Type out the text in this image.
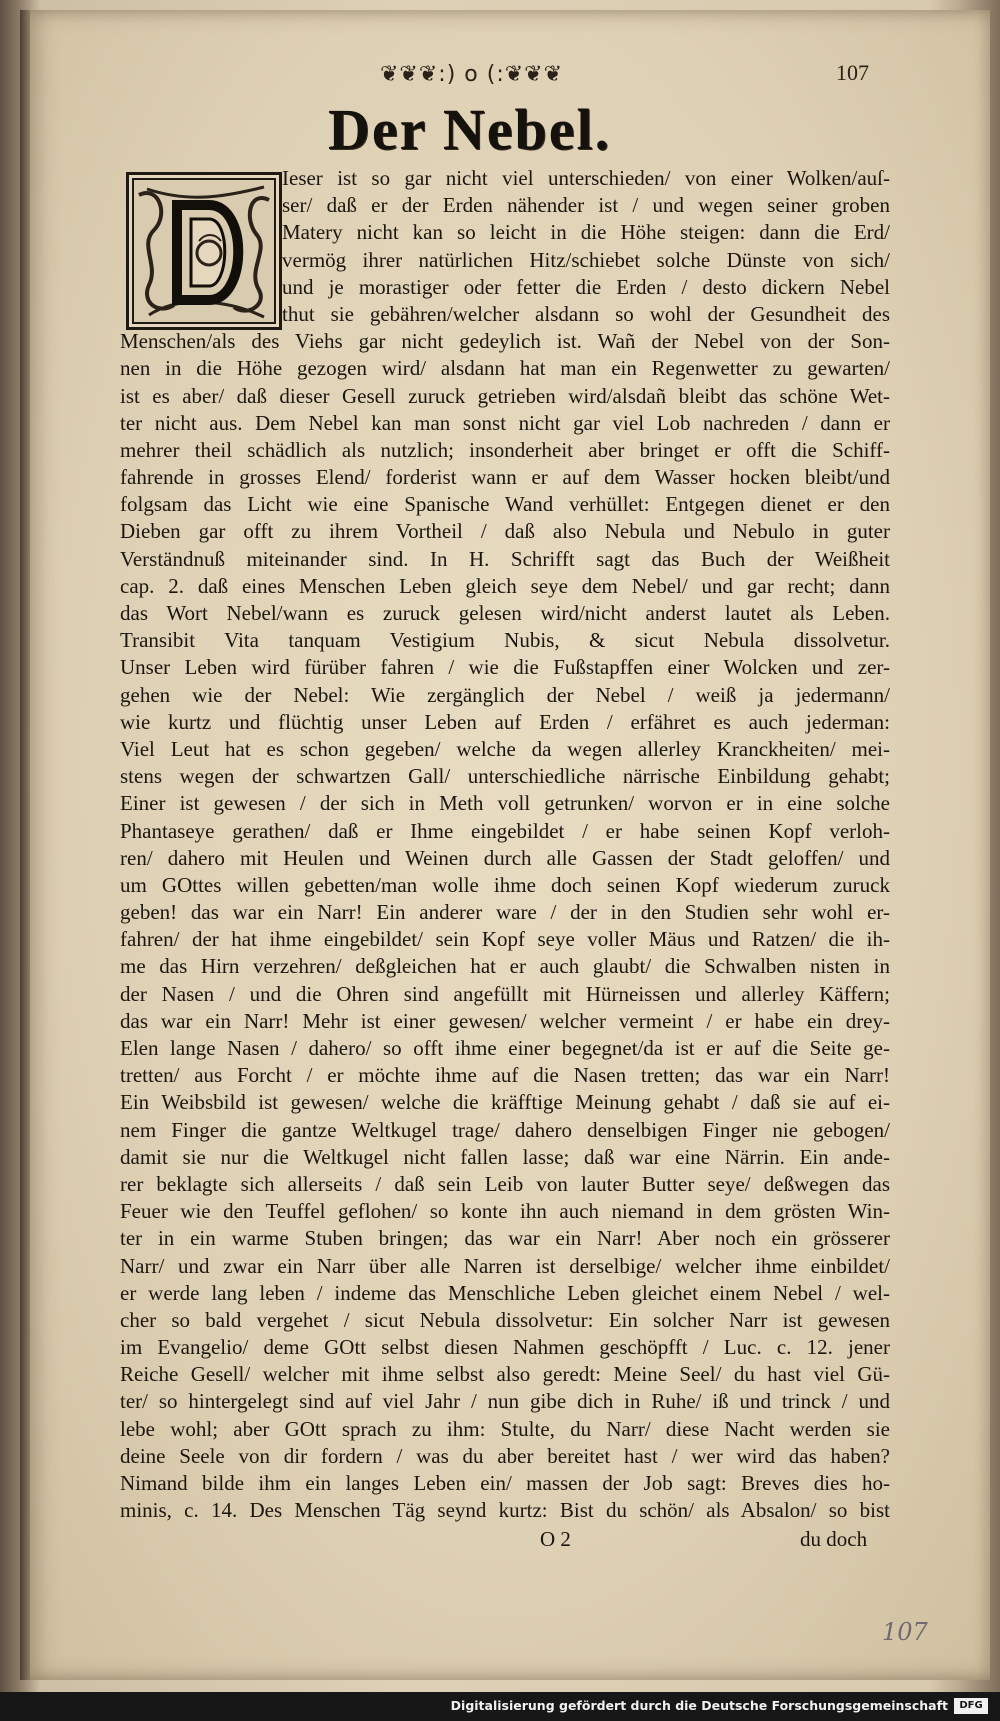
❦❦❦:) o (:❦❦❦	107
Der Nebel.
Ieser ist so gar nicht viel unterschieden/ von einer Wolken/auſ-
ser/ daß er der Erden nähender ist / und wegen seiner groben
Matery nicht kan so leicht in die Höhe steigen: dann die Erd/
vermög ihrer natürlichen Hitz/schiebet solche Dünste von sich/
und je morastiger oder fetter die Erden / desto dickern Nebel
thut sie gebähren/welcher alsdann so wohl der Gesundheit des
Menschen/als des Viehs gar nicht gedeylich ist. Wañ der Nebel von der Son-
nen in die Höhe gezogen wird/ alsdann hat man ein Regenwetter zu gewarten/
ist es aber/ daß dieser Gesell zuruck getrieben wird/alsdañ bleibt das schöne Wet-
ter nicht aus. Dem Nebel kan man sonst nicht gar viel Lob nachreden / dann er
mehrer theil schädlich als nutzlich; insonderheit aber bringet er offt die Schiff-
fahrende in grosses Elend/ forderist wann er auf dem Wasser hocken bleibt/und
folgsam das Licht wie eine Spanische Wand verhüllet: Entgegen dienet er den
Dieben gar offt zu ihrem Vortheil / daß also Nebula und Nebulo in guter
Verständnuß miteinander sind. In H. Schrifft sagt das Buch der Weißheit
cap. 2. daß eines Menschen Leben gleich seye dem Nebel/ und gar recht; dann
das Wort Nebel/wann es zuruck gelesen wird/nicht anderst lautet als Leben.
Transibit Vita tanquam Vestigium Nubis, & sicut Nebula dissolvetur.
Unser Leben wird fürüber fahren / wie die Fußstapffen einer Wolcken und zer-
gehen wie der Nebel: Wie zergänglich der Nebel / weiß ja jedermann/
wie kurtz und flüchtig unser Leben auf Erden / erfähret es auch jederman:
Viel Leut hat es schon gegeben/ welche da wegen allerley Kranckheiten/ mei-
stens wegen der schwartzen Gall/ unterschiedliche närrische Einbildung gehabt;
Einer ist gewesen / der sich in Meth voll getrunken/ worvon er in eine solche
Phantaseye gerathen/ daß er Ihme eingebildet / er habe seinen Kopf verloh-
ren/ dahero mit Heulen und Weinen durch alle Gassen der Stadt geloffen/ und
um GOttes willen gebetten/man wolle ihme doch seinen Kopf wiederum zuruck
geben! das war ein Narr! Ein anderer ware / der in den Studien sehr wohl er-
fahren/ der hat ihme eingebildet/ sein Kopf seye voller Mäus und Ratzen/ die ih-
me das Hirn verzehren/ deßgleichen hat er auch glaubt/ die Schwalben nisten in
der Nasen / und die Ohren sind angefüllt mit Hürneissen und allerley Käffern;
das war ein Narr! Mehr ist einer gewesen/ welcher vermeint / er habe ein drey-
Elen lange Nasen / dahero/ so offt ihme einer begegnet/da ist er auf die Seite ge-
tretten/ aus Forcht / er möchte ihme auf die Nasen tretten; das war ein Narr!
Ein Weibsbild ist gewesen/ welche die kräfftige Meinung gehabt / daß sie auf ei-
nem Finger die gantze Weltkugel trage/ dahero denselbigen Finger nie gebogen/
damit sie nur die Weltkugel nicht fallen lasse; daß war eine Närrin. Ein ande-
rer beklagte sich allerseits / daß sein Leib von lauter Butter seye/ deßwegen das
Feuer wie den Teuffel geflohen/ so konte ihn auch niemand in dem grösten Win-
ter in ein warme Stuben bringen; das war ein Narr! Aber noch ein grösserer
Narr/ und zwar ein Narr über alle Narren ist derselbige/ welcher ihme einbildet/
er werde lang leben / indeme das Menschliche Leben gleichet einem Nebel / wel-
cher so bald vergehet / sicut Nebula dissolvetur: Ein solcher Narr ist gewesen
im Evangelio/ deme GOtt selbst diesen Nahmen geschöpfft / Luc. c. 12. jener
Reiche Gesell/ welcher mit ihme selbst also geredt: Meine Seel/ du hast viel Gü-
ter/ so hintergelegt sind auf viel Jahr / nun gibe dich in Ruhe/ iß und trinck / und
lebe wohl; aber GOtt sprach zu ihm: Stulte, du Narr/ diese Nacht werden sie
deine Seele von dir fordern / was du aber bereitet hast / wer wird das haben?
Nimand bilde ihm ein langes Leben ein/ massen der Job sagt: Breves dies ho-
minis, c. 14. Des Menschen Täg seynd kurtz: Bist du schön/ als Absalon/ so bist
O 2	du doch
107
Digitalisierung gefördert durch die Deutsche Forschungsgemeinschaft	DFG
